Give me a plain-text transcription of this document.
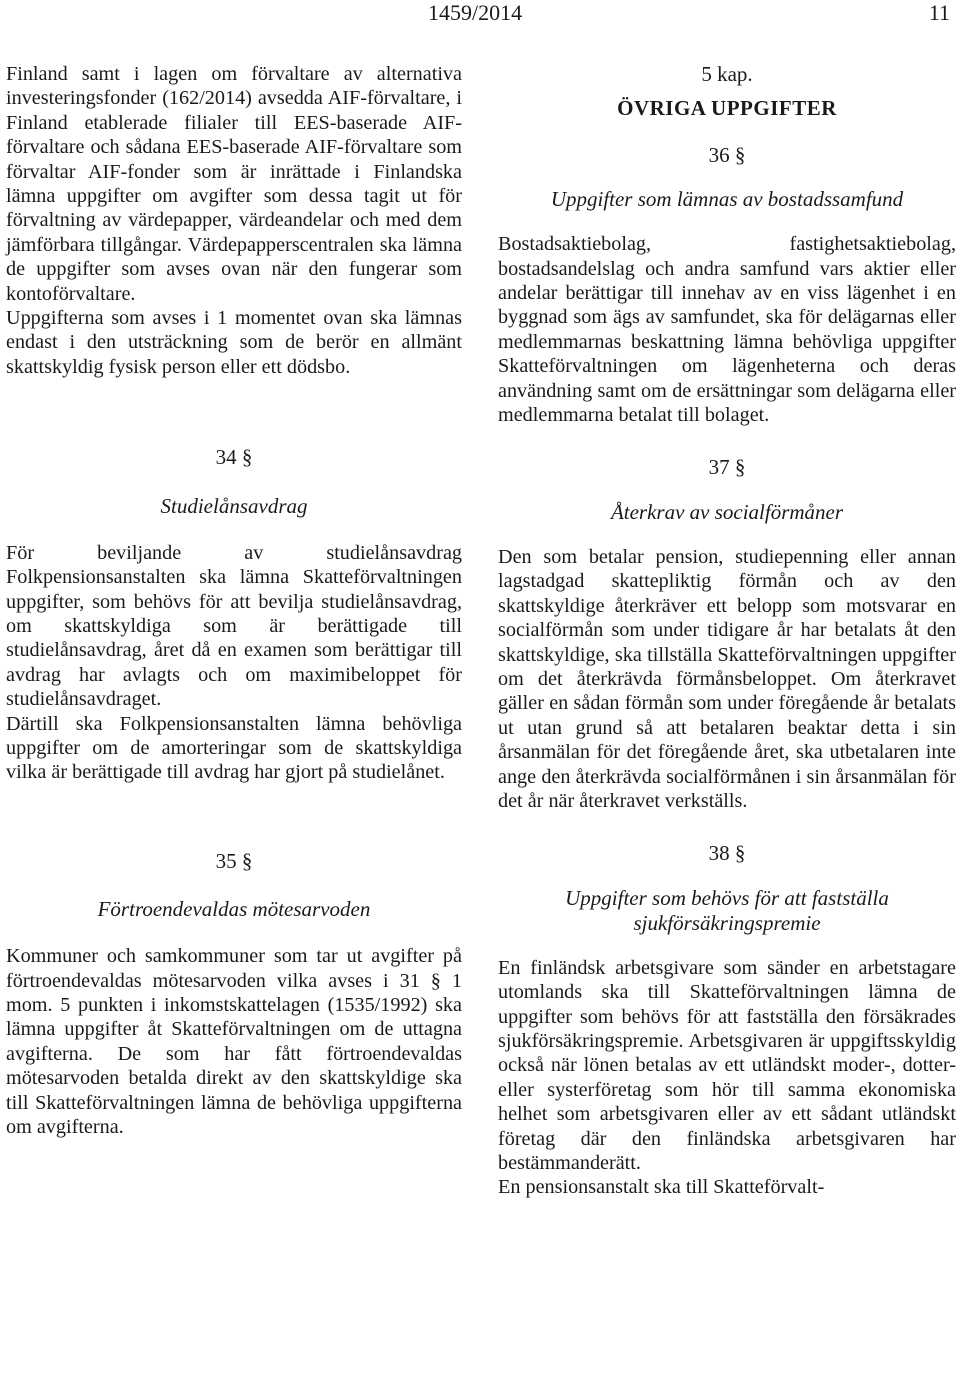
1459/2014	11

Finland samt i lagen om förvaltare av alternativa investeringsfonder (162/2014) avsedda AIF-förvaltare, i Finland etablerade filialer till EES-baserade AIF-förvaltare och sådana EES-baserade AIF-förvaltare som förvaltar AIF-fonder som är inrättade i Finlandska lämna uppgifter om avgifter som dessa tagit ut för förvaltning av värdepapper, värdeandelar och med dem jämförbara tillgångar. Värdepapperscentralen ska lämna de uppgifter som avses ovan när den fungerar som kontoförvaltare.

Uppgifterna som avses i 1 momentet ovan ska lämnas endast i den utsträckning som de berör en allmänt skattskyldig fysisk person eller ett dödsbo.

34 §

Studielånsavdrag

För beviljande av studielånsavdrag Folkpensionsanstalten ska lämna Skatteförvaltningen uppgifter, som behövs för att bevilja studielånsavdrag, om skattskyldiga som är berättigade till studielånsavdrag, året då en examen som berättigar till avdrag har avlagts och om maximibeloppet för studielånsavdraget.

Därtill ska Folkpensionsanstalten lämna behövliga uppgifter om de amorteringar som de skattskyldiga vilka är berättigade till avdrag har gjort på studielånet.

35 §

Förtroendevaldas mötesarvoden

Kommuner och samkommuner som tar ut avgifter på förtroendevaldas mötesarvoden vilka avses i 31 § 1 mom. 5 punkten i inkomstskattelagen (1535/1992) ska lämna uppgifter åt Skatteförvaltningen om de uttagna avgifterna. De som har fått förtroendevaldas mötesarvoden betalda direkt av den skattskyldige ska till Skatteförvaltningen lämna de behövliga uppgifterna om avgifterna.

5 kap.

ÖVRIGA UPPGIFTER

36 §

Uppgifter som lämnas av bostadssamfund

Bostadsaktiebolag, fastighetsaktiebolag, bostadsandelslag och andra samfund vars aktier eller andelar berättigar till innehav av en viss lägenhet i en byggnad som ägs av samfundet, ska för delägarnas eller medlemmarnas beskattning lämna behövliga uppgifter Skatteförvaltningen om lägenheterna och deras användning samt om de ersättningar som delägarna eller medlemmarna betalat till bolaget.

37 §

Återkrav av socialförmåner

Den som betalar pension, studiepenning eller annan lagstadgad skattepliktig förmån och av den skattskyldige återkräver ett belopp som motsvarar en socialförmån som under tidigare år har betalats åt den skattskyldige, ska tillställa Skatteförvaltningen uppgifter om det återkrävda förmånsbeloppet. Om återkravet gäller en sådan förmån som under föregående år betalats ut utan grund så att betalaren beaktar detta i sin årsanmälan för det föregående året, ska utbetalaren inte ange den återkrävda socialförmånen i sin årsanmälan för det år när återkravet verkställs.

38 §

Uppgifter som behövs för att fastställa sjukförsäkringspremie

En finländsk arbetsgivare som sänder en arbetstagare utomlands ska till Skatteförvaltningen lämna de uppgifter som behövs för att fastställa den försäkrades sjukförsäkringspremie. Arbetsgivaren är uppgiftsskyldig också när lönen betalas av ett utländskt moder-, dotter- eller systerföretag som hör till samma ekonomiska helhet som arbetsgivaren eller av ett sådant utländskt företag där den finländska arbetsgivaren har bestämmanderätt.

En pensionsanstalt ska till Skatteförvalt-
